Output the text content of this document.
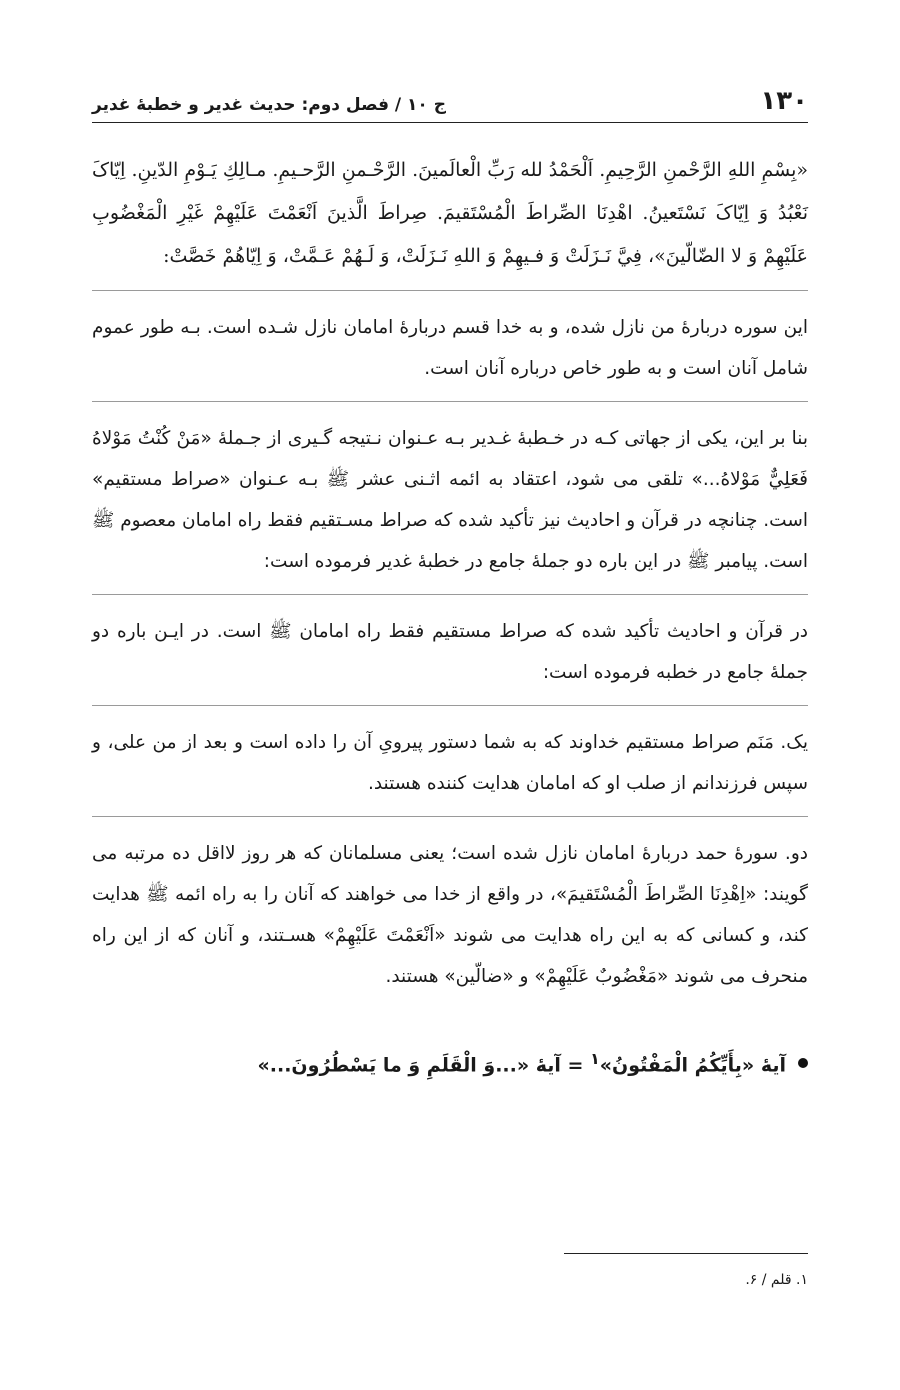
۱۳۰
ج ۱۰ / فصل دوم: حدیث غدیر و خطبهٔ غدیر

«بِسْمِ اللهِ الرَّحْمنِ الرَّحِيمِ. اَلْحَمْدُ لله رَبِّ الْعالَمينَ. الرَّحْـمنِ الرَّحـيمِ. مـالِكِ يَـوْمِ الدّينِ. اِيّاکَ نَعْبُدُ وَ اِيّاکَ نَسْتَعينُ. اهْدِنَا الصِّراطَ الْمُسْتَقيمَ. صِراطَ الَّذينَ اَنْعَمْتَ عَلَيْهِمْ غَيْرِ الْمَغْضُوبِ عَلَيْهِمْ وَ لا الضّالّينَ»، فِيَّ نَـزَلَتْ وَ فـيهِمْ وَ اللهِ نَـزَلَتْ، وَ لَـهُمْ عَـمَّتْ، وَ اِيّاهُمْ خَصَّتْ:

این سوره دربارهٔ من نازل شده، و به خدا قسم دربارهٔ امامان نازل شـده است. بـه طور عموم شامل آنان است و به طور خاص درباره آنان است.

بنا بر این، یکی از جهاتی کـه در خـطبهٔ غـدیر بـه عـنوان نـتیجه گـیری از جـملهٔ «مَنْ كُنْتُ مَوْلاهُ فَعَلِيٌّ مَوْلاهُ...» تلقی می شود، اعتقاد به ائمه اثـنی عشر ﷺ بـه عـنوان «صراط مستقیم» است. چنانچه در قرآن و احادیث نیز تأکید شده که صراط مسـتقیم فقط راه امامان معصوم ﷺ است. پیامبر ﷺ در این باره دو جملهٔ جامع در خطبهٔ غدیر فرموده است:

در قرآن و احادیث تأکید شده که صراط مستقیم فقط راه امامان ﷺ است. در ایـن باره دو جملهٔ جامع در خطبه فرموده است:

یک. مَنَم صراط مستقیم خداوند که به شما دستور پیرویِ آن را داده است و بعد از من علی، و سپس فرزندانم از صلب او که امامان هدایت کننده هستند.

دو. سورهٔ حمد دربارهٔ امامان نازل شده است؛ یعنی مسلمانان که هر روز لااقل ده مرتبه می گویند: «اِهْدِنَا الصِّراطَ الْمُسْتَقيمَ»، در واقع از خدا می خواهند که آنان را به راه ائمه ﷺ هدایت کند، و کسانی که به این راه هدایت می شوند «اَنْعَمْتَ عَلَيْهِمْ» هسـتند، و آنان که از این راه منحرف می شوند «مَغْضُوبٌ عَلَيْهِمْ» و «ضالّین» هستند.

آیهٔ «بِأَيِّكُمُ الْمَفْتُونُ»$^۱$ = آیهٔ «...وَ الْقَلَمِ وَ ما يَسْطُرُونَ...»
۱. قلم / ۶.
